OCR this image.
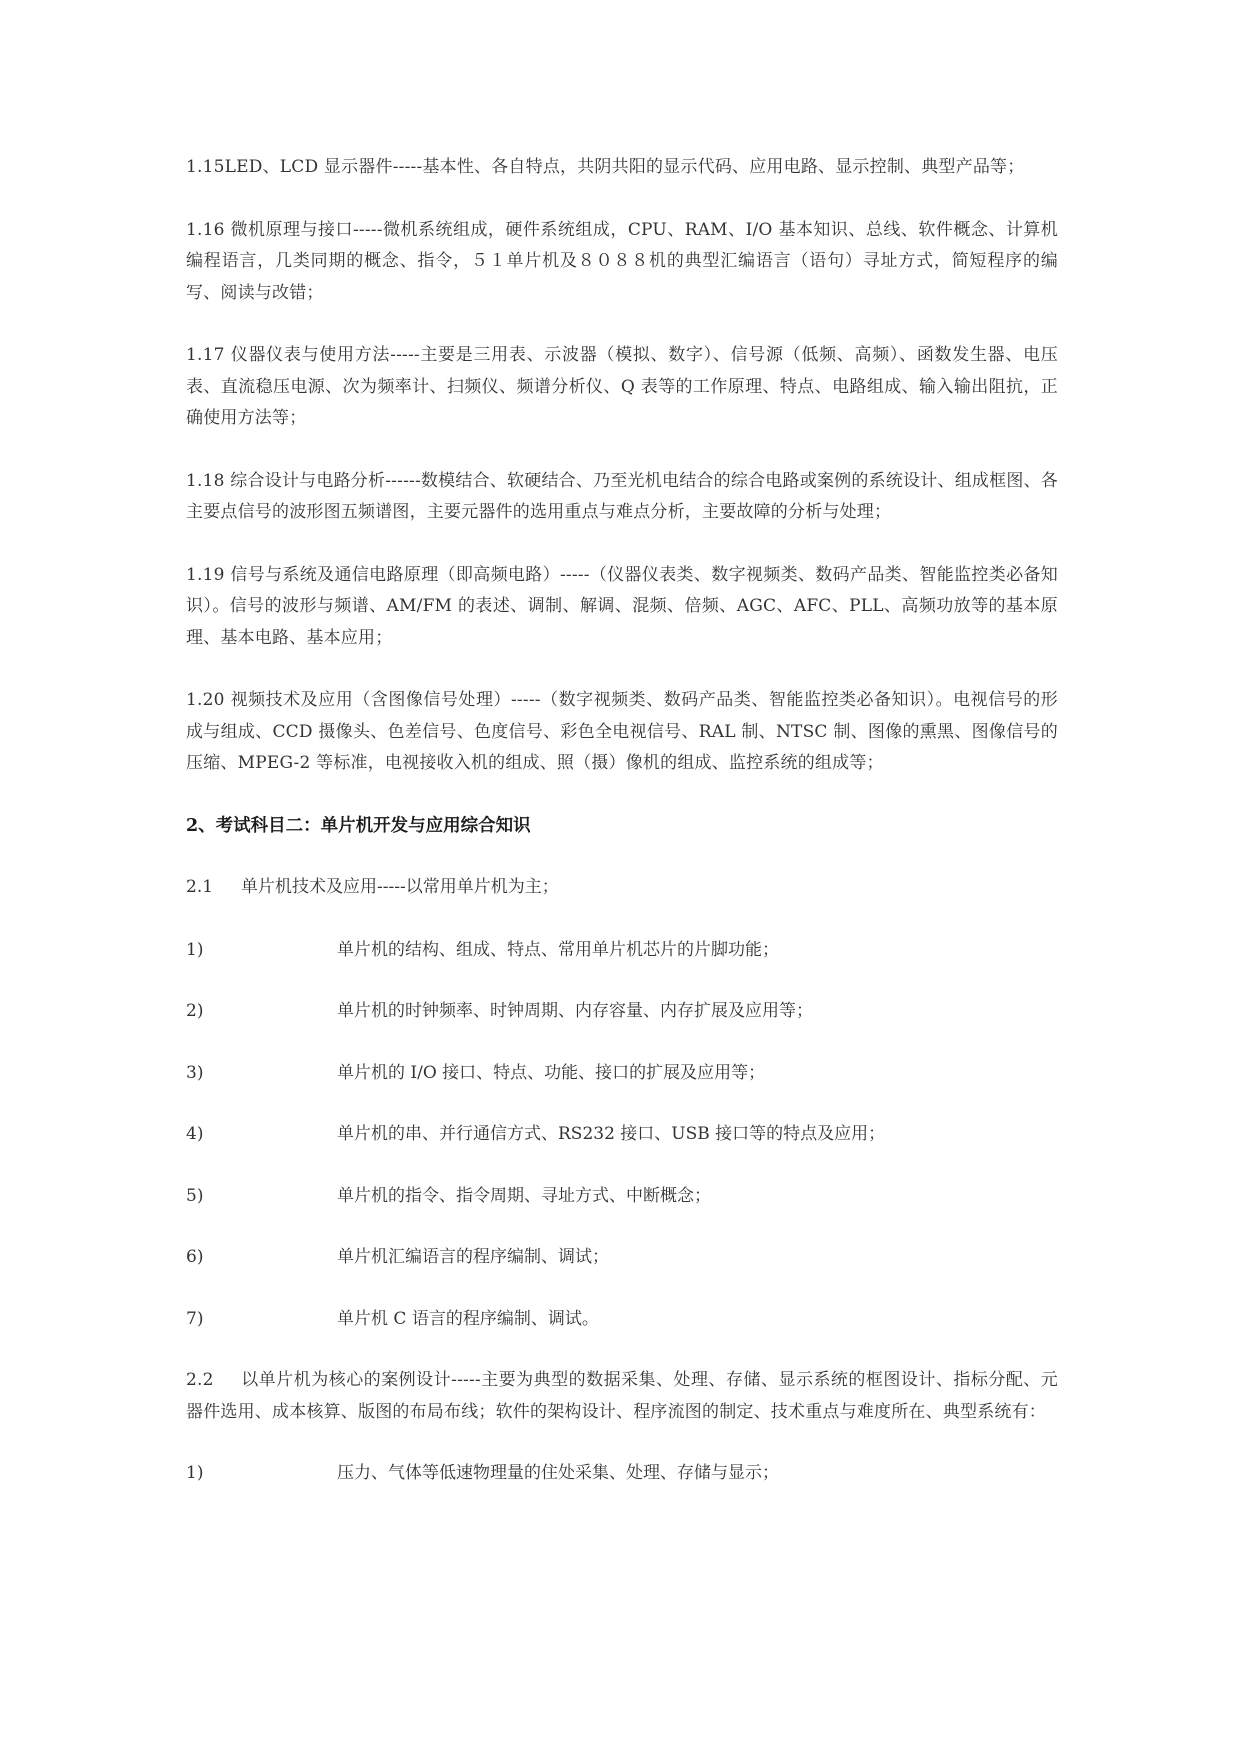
1.15LED、LCD 显示器件-----基本性、各自特点，共阴共阳的显示代码、应用电路、显示控制、典型产品等；

1.16 微机原理与接口-----微机系统组成，硬件系统组成，CPU、RAM、I/O 基本知识、总线、软件概念、计算机编程语言，几类同期的概念、指令，５１单片机及８０８８机的典型汇编语言（语句）寻址方式，简短程序的编写、阅读与改错；

1.17 仪器仪表与使用方法-----主要是三用表、示波器（模拟、数字）、信号源（低频、高频）、函数发生器、电压表、直流稳压电源、次为频率计、扫频仪、频谱分析仪、Q 表等的工作原理、特点、电路组成、输入输出阻抗，正确使用方法等；

1.18 综合设计与电路分析------数模结合、软硬结合、乃至光机电结合的综合电路或案例的系统设计、组成框图、各主要点信号的波形图五频谱图，主要元器件的选用重点与难点分析，主要故障的分析与处理；

1.19 信号与系统及通信电路原理（即高频电路）-----（仪器仪表类、数字视频类、数码产品类、智能监控类必备知识）。信号的波形与频谱、AM/FM 的表述、调制、解调、混频、倍频、AGC、AFC、PLL、高频功放等的基本原理、基本电路、基本应用；

1.20 视频技术及应用（含图像信号处理）-----（数字视频类、数码产品类、智能监控类必备知识）。电视信号的形成与组成、CCD 摄像头、色差信号、色度信号、彩色全电视信号、RAL 制、NTSC 制、图像的熏黑、图像信号的压缩、MPEG-2 等标准，电视接收入机的组成、照（摄）像机的组成、监控系统的组成等；

2、考试科目二：单片机开发与应用综合知识

2.1 单片机技术及应用-----以常用单片机为主；

1)	单片机的结构、组成、特点、常用单片机芯片的片脚功能；
2)	单片机的时钟频率、时钟周期、内存容量、内存扩展及应用等；
3)	单片机的 I/O 接口、特点、功能、接口的扩展及应用等；
4)	单片机的串、并行通信方式、RS232 接口、USB 接口等的特点及应用；
5)	单片机的指令、指令周期、寻址方式、中断概念；
6)	单片机汇编语言的程序编制、调试；
7)	单片机 C 语言的程序编制、调试。

2.2 以单片机为核心的案例设计-----主要为典型的数据采集、处理、存储、显示系统的框图设计、指标分配、元器件选用、成本核算、版图的布局布线；软件的架构设计、程序流图的制定、技术重点与难度所在、典型系统有：

1)	压力、气体等低速物理量的住处采集、处理、存储与显示；
